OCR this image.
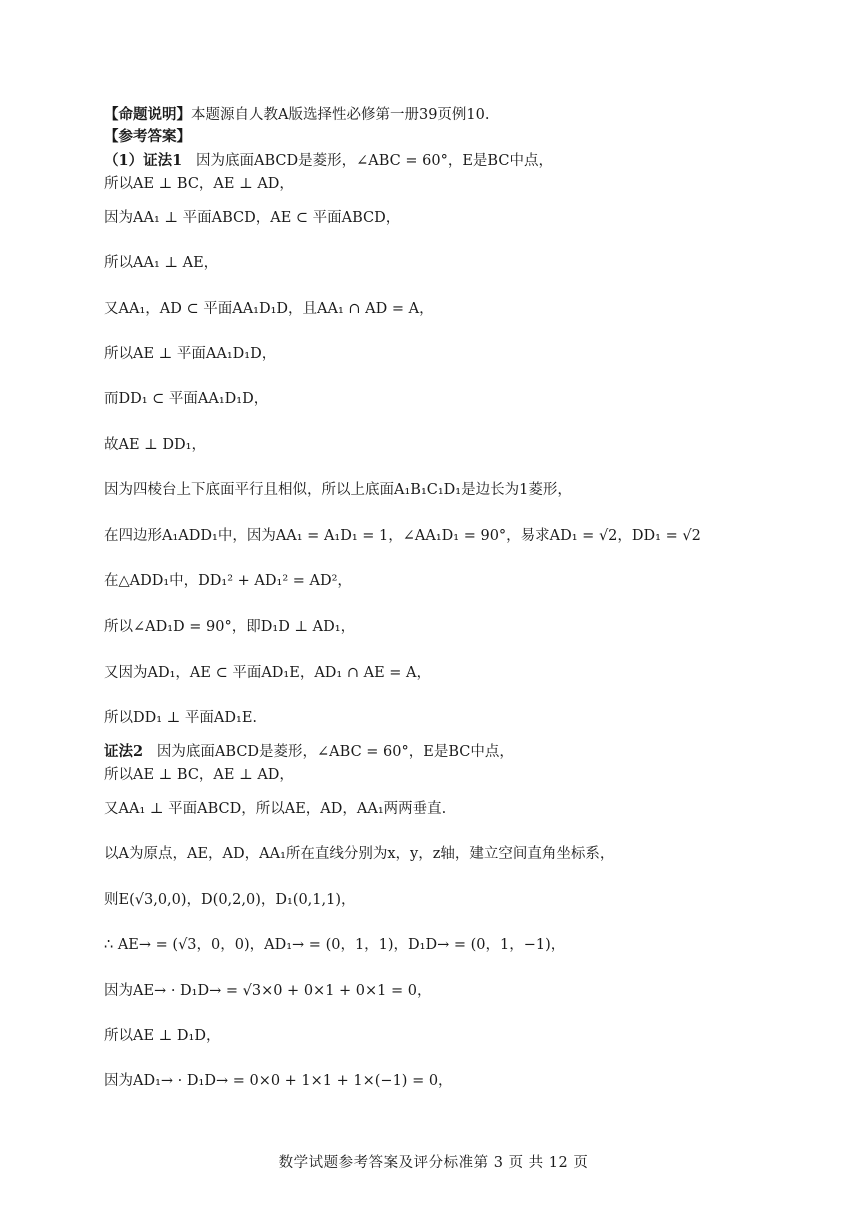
【命题说明】本题源自人教A版选择性必修第一册39页例10.
【参考答案】
（1）证法1 因为底面ABCD是菱形，∠ABC = 60°，E是BC中点，
所以AE ⊥ BC，AE ⊥ AD，
因为AA₁ ⊥ 平面ABCD，AE ⊂ 平面ABCD，
所以AA₁ ⊥ AE，
又AA₁，AD ⊂ 平面AA₁D₁D，且AA₁ ∩ AD = A，
所以AE ⊥ 平面AA₁D₁D，
而DD₁ ⊂ 平面AA₁D₁D，
故AE ⊥ DD₁，
因为四棱台上下底面平行且相似，所以上底面A₁B₁C₁D₁是边长为1菱形，
在四边形A₁ADD₁中，因为AA₁ = A₁D₁ = 1，∠AA₁D₁ = 90°，易求AD₁ = √2，DD₁ = √2
在△ADD₁中，DD₁² + AD₁² = AD²，
所以∠AD₁D = 90°，即D₁D ⊥ AD₁，
又因为AD₁，AE ⊂ 平面AD₁E，AD₁ ∩ AE = A，
所以DD₁ ⊥ 平面AD₁E.
证法2 因为底面ABCD是菱形，∠ABC = 60°，E是BC中点，
所以AE ⊥ BC，AE ⊥ AD，
又AA₁ ⊥ 平面ABCD，所以AE，AD，AA₁两两垂直.
以A为原点，AE，AD，AA₁所在直线分别为x，y，z轴，建立空间直角坐标系，
则E(√3,0,0)，D(0,2,0)，D₁(0,1,1)，
∴ AE→ = (√3，0，0)，AD₁→ = (0，1，1)，D₁D→ = (0，1，−1)，
因为AE→ · D₁D→ = √3×0 + 0×1 + 0×1 = 0，
所以AE ⊥ D₁D，
因为AD₁→ · D₁D→ = 0×0 + 1×1 + 1×(−1) = 0，
数学试题参考答案及评分标准第 3 页 共 12 页
